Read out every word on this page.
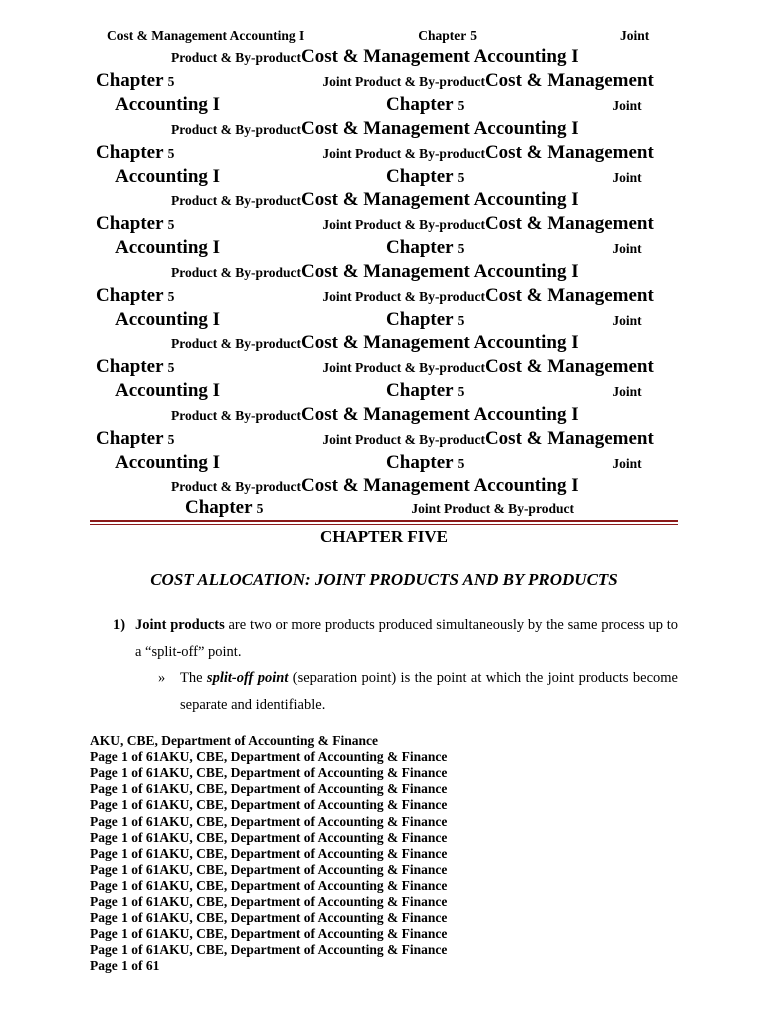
Cost & Management Accounting I	Chapter 5	Joint
Product & By-productCost & Management Accounting I
Chapter 5	Joint Product & By-productCost & Management
Accounting I	Chapter 5	Joint
Product & By-productCost & Management Accounting I
Chapter 5	Joint Product & By-productCost & Management
Accounting I	Chapter 5	Joint
Product & By-productCost & Management Accounting I
Chapter 5	Joint Product & By-productCost & Management
Accounting I	Chapter 5	Joint
Product & By-productCost & Management Accounting I
Chapter 5	Joint Product & By-productCost & Management
Accounting I	Chapter 5	Joint
Product & By-productCost & Management Accounting I
Chapter 5	Joint Product & By-productCost & Management
Accounting I	Chapter 5	Joint
Product & By-productCost & Management Accounting I
Chapter 5	Joint Product & By-productCost & Management
Accounting I	Chapter 5	Joint
Product & By-productCost & Management Accounting I
Chapter 5	Joint Product & By-product
CHAPTER FIVE
COST ALLOCATION: JOINT PRODUCTS AND BY PRODUCTS
1) Joint products are two or more products produced simultaneously by the same process up to a “split-off” point.
» The split-off point (separation point) is the point at which the joint products become separate and identifiable.
AKU, CBE, Department of Accounting & Finance
Page 1 of 61AKU, CBE, Department of Accounting & Finance
Page 1 of 61AKU, CBE, Department of Accounting & Finance
Page 1 of 61AKU, CBE, Department of Accounting & Finance
Page 1 of 61AKU, CBE, Department of Accounting & Finance
Page 1 of 61AKU, CBE, Department of Accounting & Finance
Page 1 of 61AKU, CBE, Department of Accounting & Finance
Page 1 of 61AKU, CBE, Department of Accounting & Finance
Page 1 of 61AKU, CBE, Department of Accounting & Finance
Page 1 of 61AKU, CBE, Department of Accounting & Finance
Page 1 of 61AKU, CBE, Department of Accounting & Finance
Page 1 of 61AKU, CBE, Department of Accounting & Finance
Page 1 of 61AKU, CBE, Department of Accounting & Finance
Page 1 of 61AKU, CBE, Department of Accounting & Finance
Page 1 of 61
